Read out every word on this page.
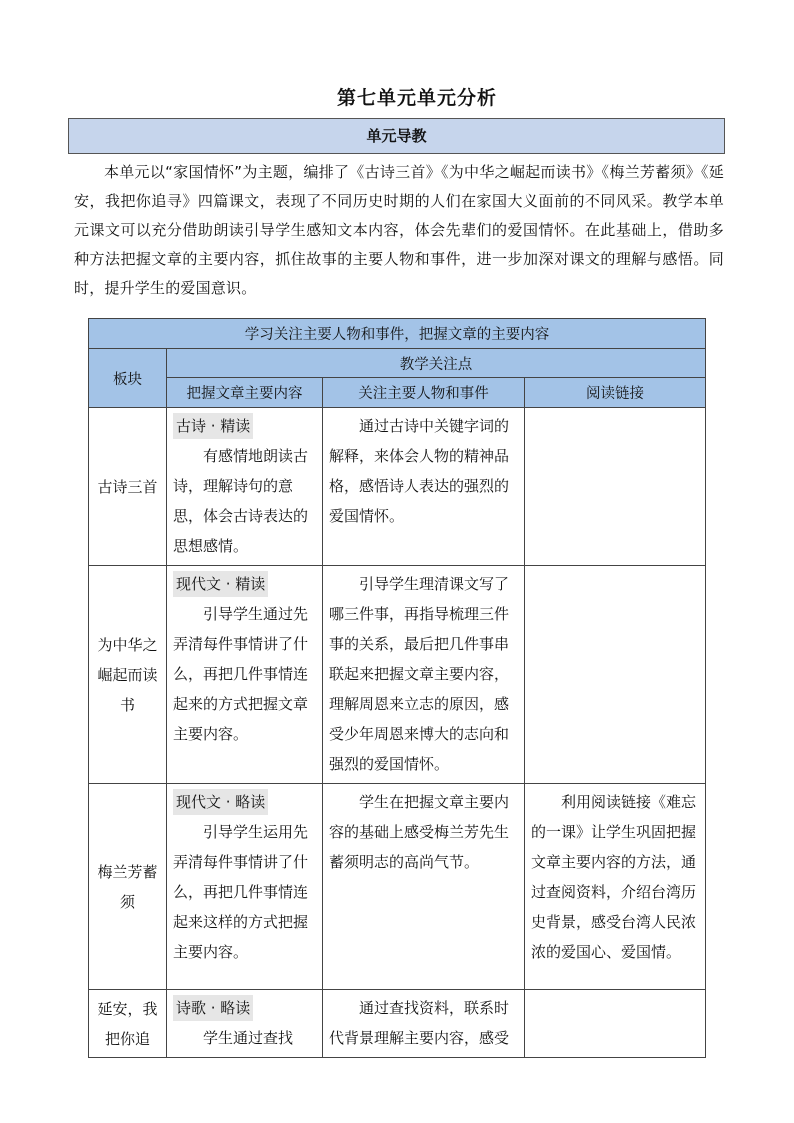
第七单元单元分析
单元导教

本单元以“家国情怀”为主题，编排了《古诗三首》《为中华之崛起而读书》《梅兰芳蓄须》《延安，我把你追寻》四篇课文，表现了不同历史时期的人们在家国大义面前的不同风采。教学本单元课文可以充分借助朗读引导学生感知文本内容，体会先辈们的爱国情怀。在此基础上，借助多种方法把握文章的主要内容，抓住故事的主要人物和事件，进一步加深对课文的理解与感悟。同时，提升学生的爱国意识。

学习关注主要人物和事件，把握文章的主要内容			
板块	教学关注点		
	把握文章主要内容	关注主要人物和事件	阅读链接
古诗三首	古诗 · 精读

有感情地朗读古诗，理解诗句的意思，体会古诗表达的思想感情。	通过古诗中关键字词的解释，来体会人物的精神品格，感悟诗人表达的强烈的爱国情怀。	

为中华之崛起而读书	现代文 · 精读

引导学生通过先弄清每件事情讲了什么，再把几件事情连起来的方式把握文章主要内容。	引导学生理清课文写了哪三件事，再指导梳理三件事的关系，最后把几件事串联起来把握文章主要内容，理解周恩来立志的原因，感受少年周恩来博大的志向和强烈的爱国情怀。	

梅兰芳蓄须	现代文 · 略读

引导学生运用先弄清每件事情讲了什么，再把几件事情连起来这样的方式把握主要内容。	学生在把握文章主要内容的基础上感受梅兰芳先生蓄须明志的高尚气节。	利用阅读链接《难忘的一课》让学生巩固把握文章主要内容的方法，通过查阅资料，介绍台湾历史背景，感受台湾人民浓浓的爱国心、爱国情。

延安，我把你追	诗歌 · 略读

学生通过查找	通过查找资料，联系时代背景理解主要内容，感受	
